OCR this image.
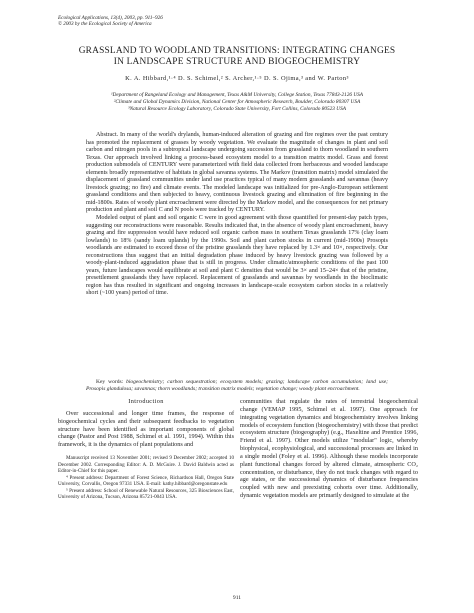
Ecological Applications, 13(4), 2003, pp. 911–926
© 2003 by the Ecological Society of America
GRASSLAND TO WOODLAND TRANSITIONS: INTEGRATING CHANGES
IN LANDSCAPE STRUCTURE AND BIOGEOCHEMISTRY
K. A. Hibbard,¹·⁴ D. S. Schimel,² S. Archer,¹·⁵ D. S. Ojima,³ and W. Parton³
¹Department of Rangeland Ecology and Management, Texas A&M University, College Station, Texas 77843-2126 USA
²Climate and Global Dynamics Division, National Center for Atmospheric Research, Boulder, Colorado 80307 USA
³Natural Resource Ecology Laboratory, Colorado State University, Fort Collins, Colorado 80523 USA

Abstract. In many of the world's drylands, human-induced alteration of grazing and fire regimes over the past century has promoted the replacement of grasses by woody vegetation. We evaluate the magnitude of changes in plant and soil carbon and nitrogen pools in a subtropical landscape undergoing succession from grassland to thorn woodland in southern Texas. Our approach involved linking a process-based ecosystem model to a transition matrix model. Grass and forest production submodels of CENTURY were parameterized with field data collected from herbaceous and wooded landscape elements broadly representative of habitats in global savanna systems. The Markov (transition matrix) model simulated the displacement of grassland communities under land use practices typical of many modern grasslands and savannas (heavy livestock grazing; no fire) and climate events. The modeled landscape was initialized for pre-Anglo-European settlement grassland conditions and then subjected to heavy, continuous livestock grazing and elimination of fire beginning in the mid-1800s. Rates of woody plant encroachment were directed by the Markov model, and the consequences for net primary production and plant and soil C and N pools were tracked by CENTURY.

Modeled output of plant and soil organic C were in good agreement with those quantified for present-day patch types, suggesting our reconstructions were reasonable. Results indicated that, in the absence of woody plant encroachment, heavy grazing and fire suppression would have reduced soil organic carbon mass in southern Texas grasslands 17% (clay loam lowlands) to 18% (sandy loam uplands) by the 1990s. Soil and plant carbon stocks in current (mid-1900s) Prosopis woodlands are estimated to exceed those of the pristine grasslands they have replaced by 1.3× and 10×, respectively. Our reconstructions thus suggest that an initial degradation phase induced by heavy livestock grazing was followed by a woody-plant-induced aggradation phase that is still in progress. Under climatic/atmospheric conditions of the past 100 years, future landscapes would equilibrate at soil and plant C densities that would be 3× and 15–24× that of the pristine, presettlement grasslands they have replaced. Replacement of grasslands and savannas by woodlands in the bioclimatic region has thus resulted in significant and ongoing increases in landscape-scale ecosystem carbon stocks in a relatively short (~100 years) period of time.

Key words: biogeochemistry; carbon sequestration; ecosystem models; grazing; landscape carbon accumulation; land use; Prosopis glandulosa; savannas; thorn woodlands; transition matrix models; vegetation change; woody plant encroachment.
Introduction

Over successional and longer time frames, the response of biogeochemical cycles and their subsequent feedbacks to vegetation structure have been identified as important components of global change (Pastor and Post 1988, Schimel et al. 1991, 1994). Within this framework, it is the dynamics of plant populations and

Manuscript received 13 November 2001; revised 9 December 2002; accepted 10 December 2002. Corresponding Editor: A. D. McGuire. J. David Baldwin acted as Editor-in-Chief for this paper.

⁴ Present address: Department of Forest Science, Richardson Hall, Oregon State University, Corvallis, Oregon 97331 USA. E-mail: kathy.hibbard@oregonstate.edu

⁵ Present address: School of Renewable Natural Resources, 325 Biosciences East, University of Arizona, Tucson, Arizona 85721-0043 USA.

communities that regulate the rates of terrestrial biogeochemical change (VEMAP 1995, Schimel et al. 1997). One approach for integrating vegetation dynamics and biogeochemistry involves linking models of ecosystem function (biogeochemistry) with those that predict ecosystem structure (biogeography) (e.g., Haxeltine and Prentice 1996, Friend et al. 1997). Other models utilize "modular" logic, whereby biophysical, ecophysiological, and successional processes are linked in a single model (Foley et al. 1996). Although these models incorporate plant functional changes forced by altered climate, atmospheric CO₂ concentration, or disturbance, they do not track changes with regard to age states, or the successional dynamics of disturbance frequencies coupled with new and preexisting cohorts over time. Additionally, dynamic vegetation models are primarily designed to simulate at the

911
